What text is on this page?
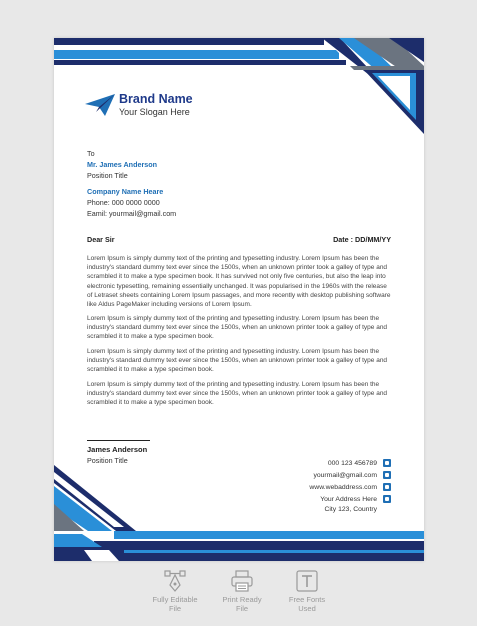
Brand Name
Your Slogan Here
To
Mr. James Anderson
Position Title
Company Name Heare
Phone: 000 0000 0000
Eamil: yourmail@gmail.com
Dear Sir	Date : DD/MM/YY

Lorem Ipsum is simply dummy text of the printing and typesetting industry. Lorem Ipsum has been the industry's standard dummy text ever since the 1500s, when an unknown printer took a galley of type and scrambled it to make a type specimen book. It has survived not only five centuries, but also the leap into electronic typesetting, remaining essentially unchanged. It was popularised in the 1960s with the release of Letraset sheets containing Lorem Ipsum passages, and more recently with desktop publishing software like Aldus PageMaker including versions of Lorem Ipsum.

Lorem Ipsum is simply dummy text of the printing and typesetting industry. Lorem Ipsum has been the industry's standard dummy text ever since the 1500s, when an unknown printer took a galley of type and scrambled it to make a type specimen book.

Lorem Ipsum is simply dummy text of the printing and typesetting industry. Lorem Ipsum has been the industry's standard dummy text ever since the 1500s, when an unknown printer took a galley of type and scrambled it to make a type specimen book.

Lorem Ipsum is simply dummy text of the printing and typesetting industry. Lorem Ipsum has been the industry's standard dummy text ever since the 1500s, when an unknown printer took a galley of type and scrambled it to make a type specimen book.

James Anderson
Position Title	000 123 456789
yourmail@gmail.com
www.webaddress.com
Your Address Here
City 123, Country
Fully Editable
File
Print Ready
File
Free Fonts
Used
